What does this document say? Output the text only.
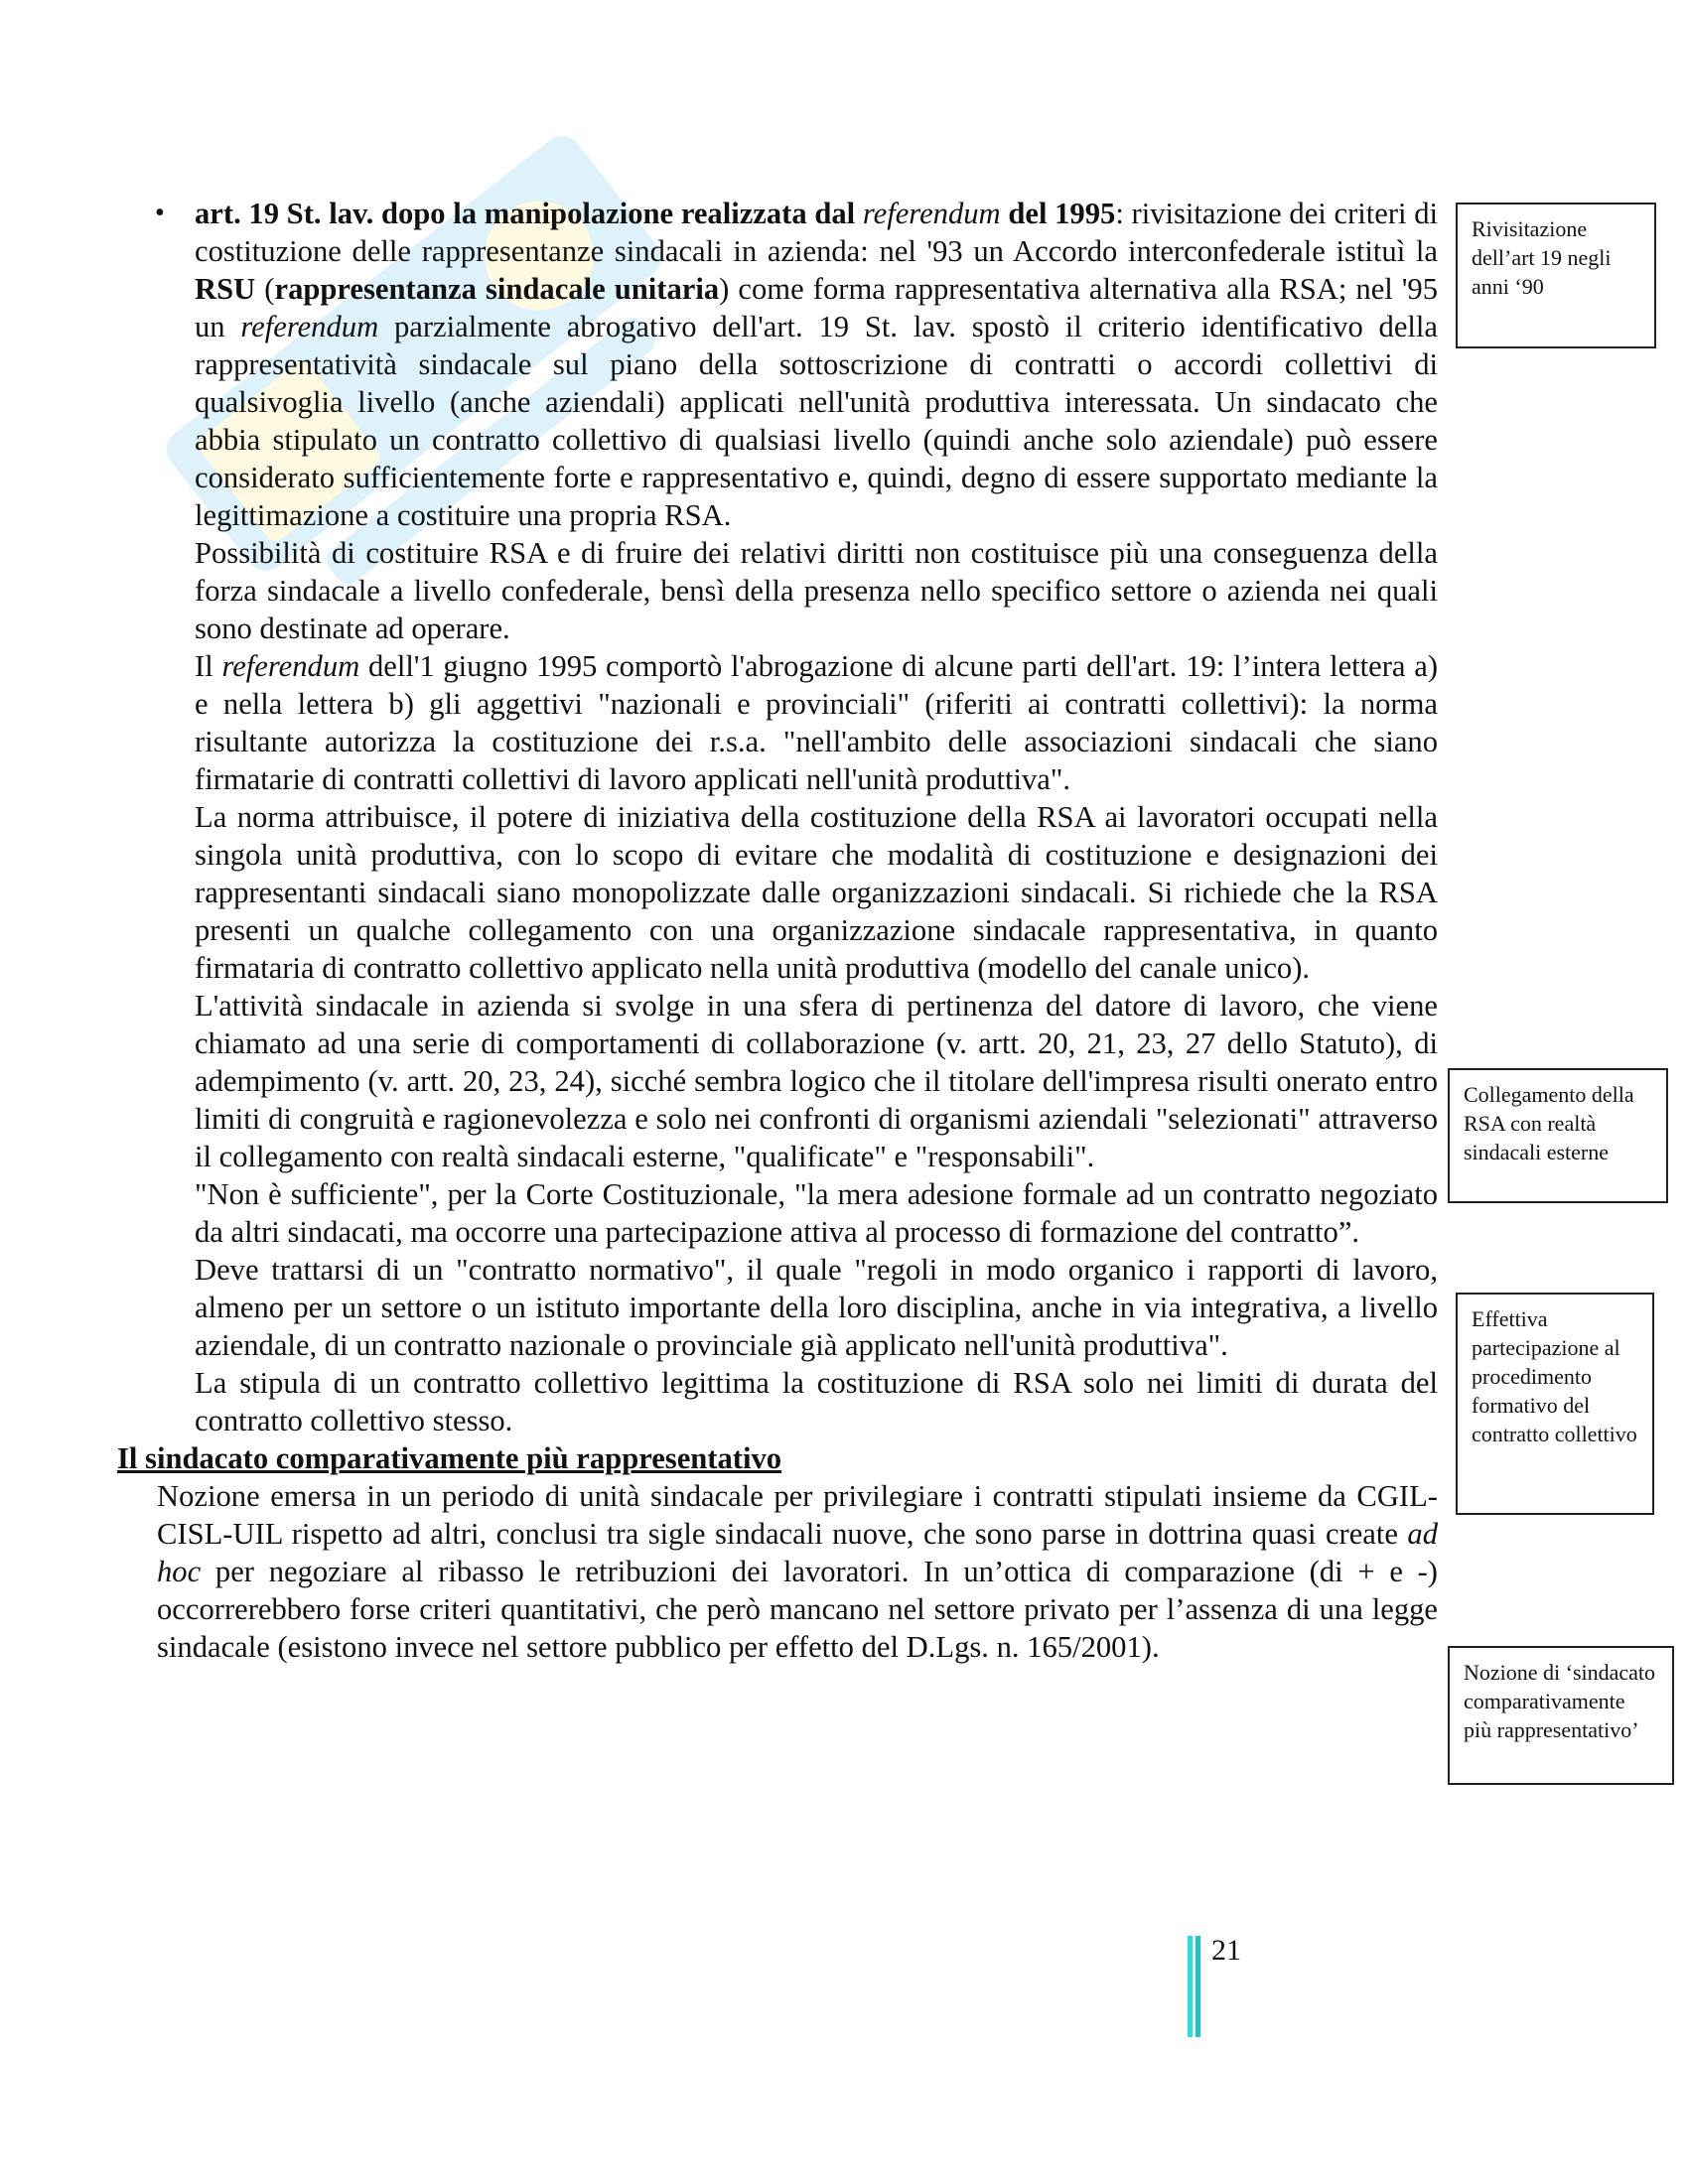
• art. 19 St. lav. dopo la manipolazione realizzata dal referendum del 1995: rivisitazione dei criteri di costituzione delle rappresentanze sindacali in azienda: nel '93 un Accordo interconfederale istituì la RSU (rappresentanza sindacale unitaria) come forma rappresentativa alternativa alla RSA; nel '95 un referendum parzialmente abrogativo dell'art. 19 St. lav. spostò il criterio identificativo della rappresentatività sindacale sul piano della sottoscrizione di contratti o accordi collettivi di qualsivoglia livello (anche aziendali) applicati nell'unità produttiva interessata. Un sindacato che abbia stipulato un contratto collettivo di qualsiasi livello (quindi anche solo aziendale) può essere considerato sufficientemente forte e rappresentativo e, quindi, degno di essere supportato mediante la legittimazione a costituire una propria RSA.

Possibilità di costituire RSA e di fruire dei relativi diritti non costituisce più una conseguenza della forza sindacale a livello confederale, bensì della presenza nello specifico settore o azienda nei quali sono destinate ad operare.

Il referendum dell'1 giugno 1995 comportò l'abrogazione di alcune parti dell'art. 19: l’intera lettera a) e nella lettera b) gli aggettivi "nazionali e provinciali" (riferiti ai contratti collettivi): la norma risultante autorizza la costituzione dei r.s.a. "nell'ambito delle associazioni sindacali che siano firmatarie di contratti collettivi di lavoro applicati nell'unità produttiva".

La norma attribuisce, il potere di iniziativa della costituzione della RSA ai lavoratori occupati nella singola unità produttiva, con lo scopo di evitare che modalità di costituzione e designazioni dei rappresentanti sindacali siano monopolizzate dalle organizzazioni sindacali. Si richiede che la RSA presenti un qualche collegamento con una organizzazione sindacale rappresentativa, in quanto firmataria di contratto collettivo applicato nella unità produttiva (modello del canale unico).

L'attività sindacale in azienda si svolge in una sfera di pertinenza del datore di lavoro, che viene chiamato ad una serie di comportamenti di collaborazione (v. artt. 20, 21, 23, 27 dello Statuto), di adempimento (v. artt. 20, 23, 24), sicché sembra logico che il titolare dell'impresa risulti onerato entro limiti di congruità e ragionevolezza e solo nei confronti di organismi aziendali "selezionati" attraverso il collegamento con realtà sindacali esterne, "qualificate" e "responsabili".

"Non è sufficiente", per la Corte Costituzionale, "la mera adesione formale ad un contratto negoziato da altri sindacati, ma occorre una partecipazione attiva al processo di formazione del contratto”.

Deve trattarsi di un "contratto normativo", il quale "regoli in modo organico i rapporti di lavoro, almeno per un settore o un istituto importante della loro disciplina, anche in via integrativa, a livello aziendale, di un contratto nazionale o provinciale già applicato nell'unità produttiva".

La stipula di un contratto collettivo legittima la costituzione di RSA solo nei limiti di durata del contratto collettivo stesso.

Il sindacato comparativamente più rappresentativo

Nozione emersa in un periodo di unità sindacale per privilegiare i contratti stipulati insieme da CGIL-CISL-UIL rispetto ad altri, conclusi tra sigle sindacali nuove, che sono parse in dottrina quasi create ad hoc per negoziare al ribasso le retribuzioni dei lavoratori. In un’ottica di comparazione (di + e -) occorrerebbero forse criteri quantitativi, che però mancano nel settore privato per l’assenza di una legge sindacale (esistono invece nel settore pubblico per effetto del D.Lgs. n. 165/2001).

Rivisitazione dell’art 19 negli anni ‘90
Collegamento della RSA con realtà sindacali esterne
Effettiva partecipazione al procedimento formativo del contratto collettivo
Nozione di ‘sindacato comparativamente più rappresentativo’
21
